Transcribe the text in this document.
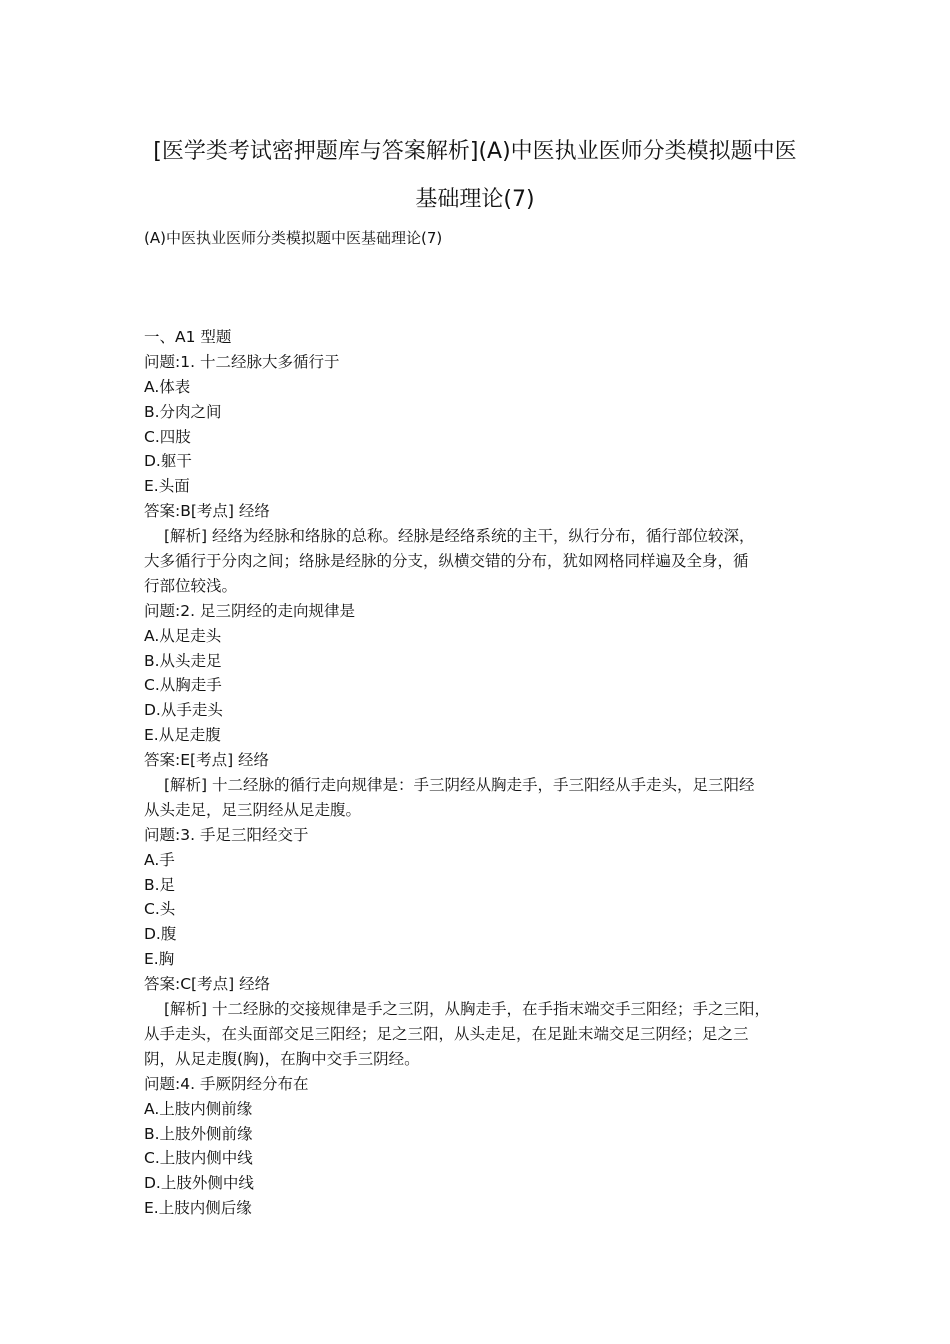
[医学类考试密押题库与答案解析](A)中医执业医师分类模拟题中医
基础理论(7)
(A)中医执业医师分类模拟题中医基础理论(7)
一、A1 型题
问题:1. 十二经脉大多循行于
A.体表
B.分肉之间
C.四肢
D.躯干
E.头面
答案:B[考点] 经络
[解析] 经络为经脉和络脉的总称。经脉是经络系统的主干，纵行分布，循行部位较深，
大多循行于分肉之间；络脉是经脉的分支，纵横交错的分布，犹如网格同样遍及全身，循
行部位较浅。
问题:2. 足三阴经的走向规律是
A.从足走头
B.从头走足
C.从胸走手
D.从手走头
E.从足走腹
答案:E[考点] 经络
[解析] 十二经脉的循行走向规律是：手三阴经从胸走手，手三阳经从手走头，足三阳经
从头走足，足三阴经从足走腹。
问题:3. 手足三阳经交于
A.手
B.足
C.头
D.腹
E.胸
答案:C[考点] 经络
[解析] 十二经脉的交接规律是手之三阴，从胸走手，在手指末端交手三阳经；手之三阳，
从手走头，在头面部交足三阳经；足之三阳，从头走足，在足趾末端交足三阴经；足之三
阴，从足走腹(胸)，在胸中交手三阴经。
问题:4. 手厥阴经分布在
A.上肢内侧前缘
B.上肢外侧前缘
C.上肢内侧中线
D.上肢外侧中线
E.上肢内侧后缘
